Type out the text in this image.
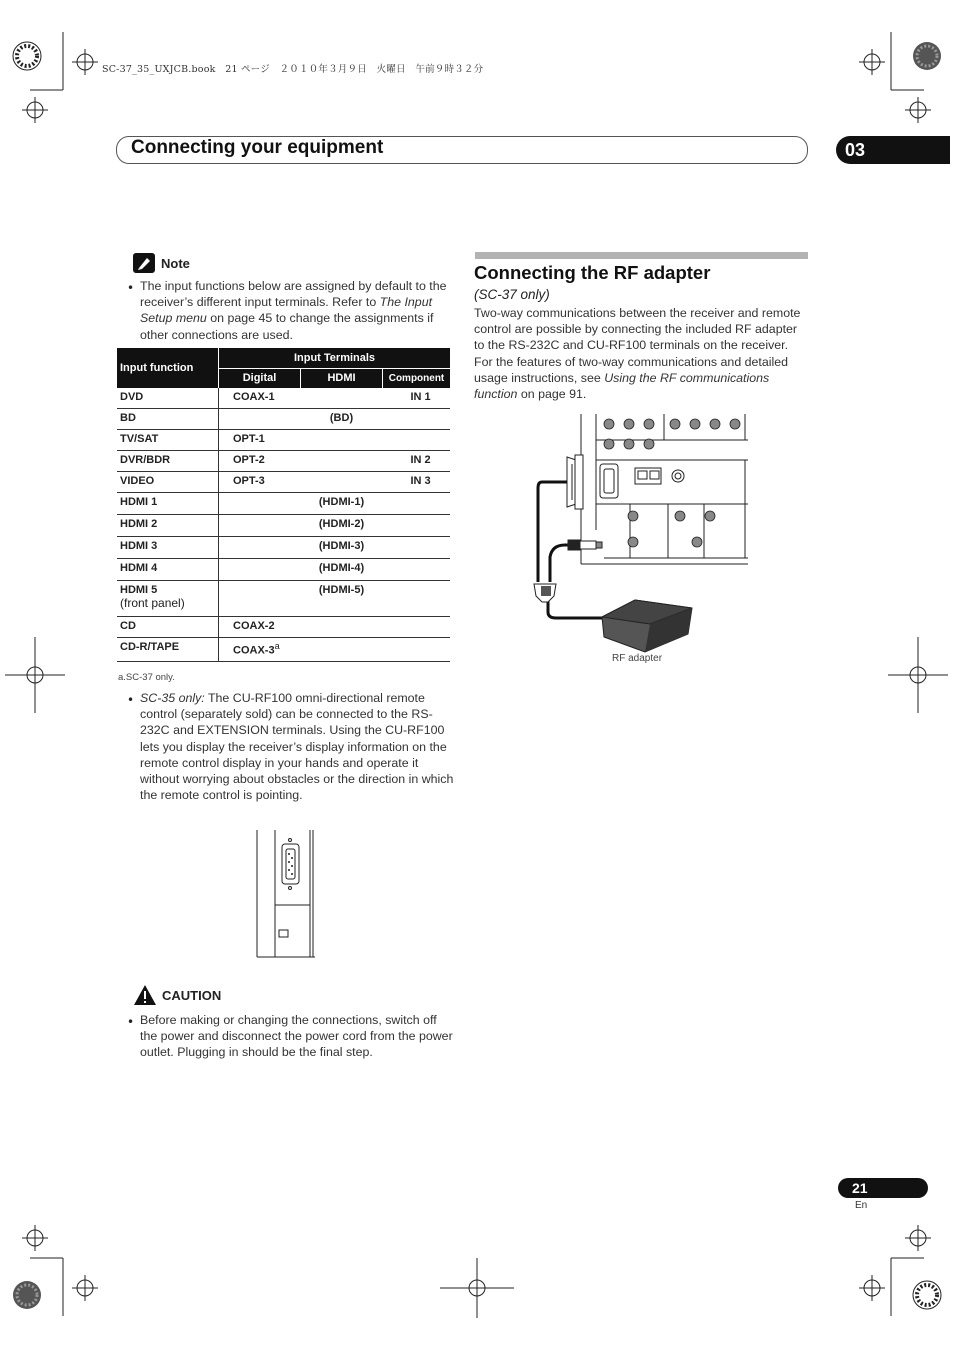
SC-37_35_UXJCB.book　21 ページ　２０１０年３月９日　火曜日　午前９時３２分
Connecting your equipment	03
Note
• The input functions below are assigned by default to the receiver’s different input terminals. Refer to The Input Setup menu on page 45 to change the assignments if other connections are used.
Input function	Input Terminals		
	Digital	HDMI	Component

DVD	COAX-1		IN 1

BD		(BD)	

TV/SAT	OPT-1		

DVR/BDR	OPT-2		IN 2

VIDEO	OPT-3		IN 3

HDMI 1		(HDMI-1)	

HDMI 2		(HDMI-2)	

HDMI 3		(HDMI-3)	

HDMI 4		(HDMI-4)	

HDMI 5
(front panel)		(HDMI-5)	

CD	COAX-2		

CD-R/TAPE	COAX-3$^a$		
a.SC-37 only.
• SC-35 only: The CU-RF100 omni-directional remote control (separately sold) can be connected to the RS-232C and EXTENSION terminals. Using the CU-RF100 lets you display the receiver’s display information on the remote control display in your hands and operate it without worrying about obstacles or the direction in which the remote control is pointing.
CAUTION
• Before making or changing the connections, switch off the power and disconnect the power cord from the power outlet. Plugging in should be the final step.
Connecting the RF adapter
(SC-37 only)
Two-way communications between the receiver and remote control are possible by connecting the included RF adapter to the RS-232C and CU-RF100 terminals on the receiver. For the features of two-way communications and detailed usage instructions, see Using the RF communications function on page 91.
RF adapter
21
En
